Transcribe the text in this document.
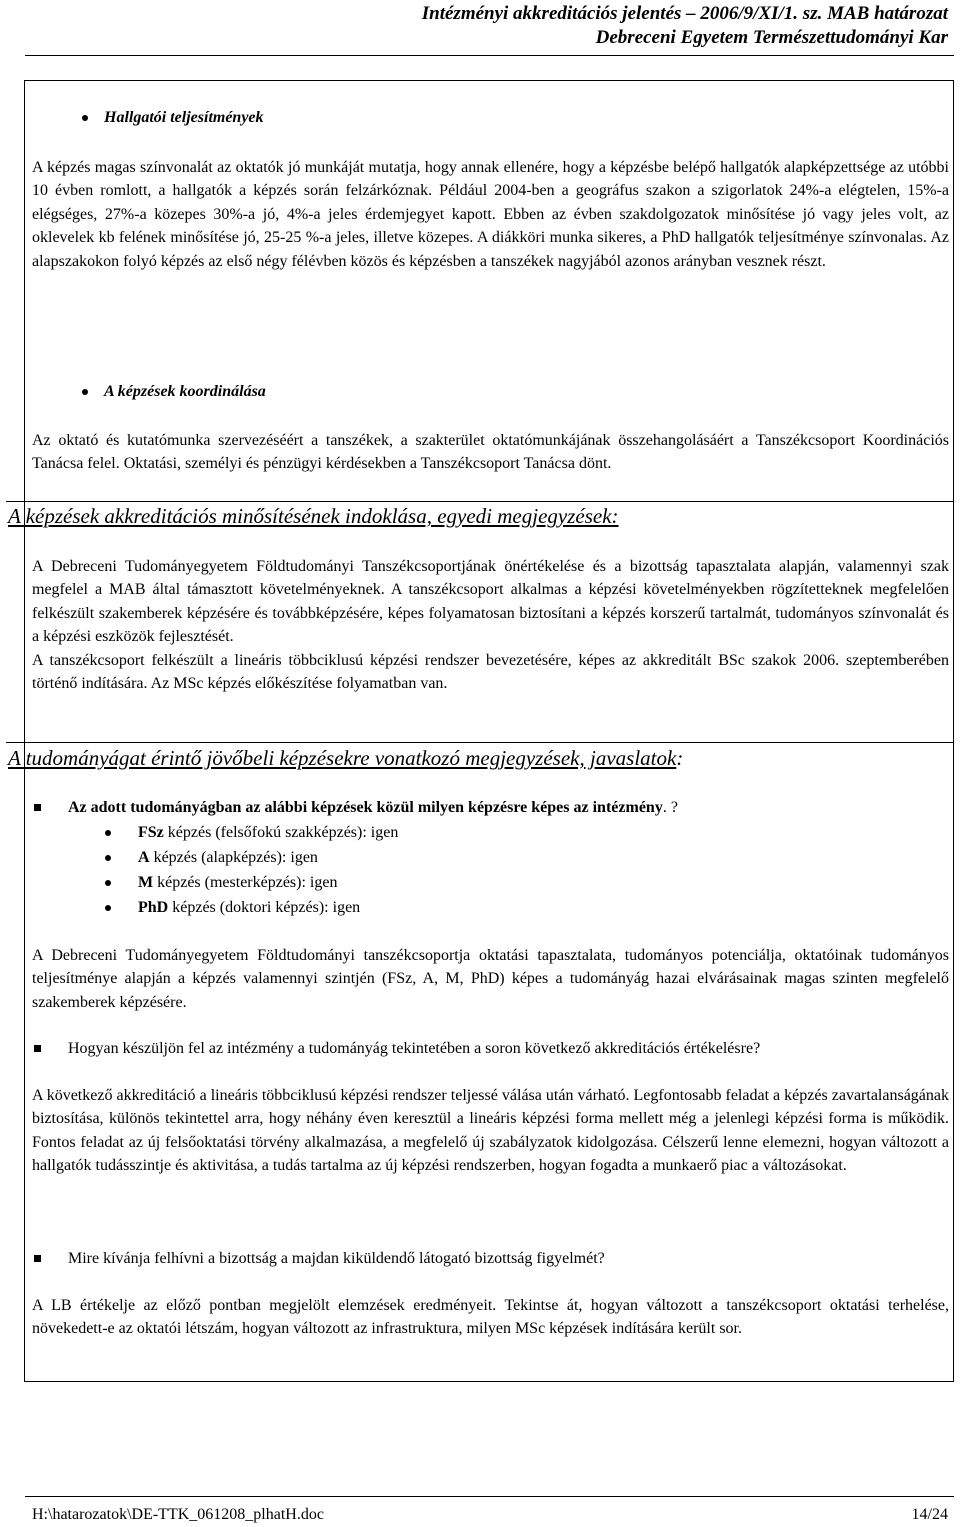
Intézményi akkreditációs jelentés – 2006/9/XI/1. sz. MAB határozat
Debreceni Egyetem Természettudományi Kar
Hallgatói teljesítmények

A képzés magas színvonalát az oktatók jó munkáját mutatja, hogy annak ellenére, hogy a képzésbe belépő hallgatók alapképzettsége az utóbbi 10 évben romlott, a hallgatók a képzés során felzárkóznak. Például 2004-ben a geográfus szakon a szigorlatok 24%-a elégtelen, 15%-a elégséges, 27%-a közepes 30%-a jó, 4%-a jeles érdemjegyet kapott. Ebben az évben szakdolgozatok minősítése jó vagy jeles volt, az oklevelek kb felének minősítése jó, 25-25 %-a jeles, illetve közepes. A diákköri munka sikeres, a PhD hallgatók teljesítménye színvonalas. Az alapszakokon folyó képzés az első négy félévben közös és képzésben a tanszékek nagyjából azonos arányban vesznek részt.

A képzések koordinálása

Az oktató és kutatómunka szervezéséért a tanszékek, a szakterület oktatómunkájának összehangolásáért a Tanszékcsoport Koordinációs Tanácsa felel. Oktatási, személyi és pénzügyi kérdésekben a Tanszékcsoport Tanácsa dönt.

A képzések akkreditációs minősítésének indoklása, egyedi megjegyzések:

A Debreceni Tudományegyetem Földtudományi Tanszékcsoportjának önértékelése és a bizottság tapasztalata alapján, valamennyi szak megfelel a MAB által támasztott követelményeknek. A tanszékcsoport alkalmas a képzési követelményekben rögzítetteknek megfelelően felkészült szakemberek képzésére és továbbképzésére, képes folyamatosan biztosítani a képzés korszerű tartalmát, tudományos színvonalát és a képzési eszközök fejlesztését.

A tanszékcsoport felkészült a lineáris többciklusú képzési rendszer bevezetésére, képes az akkreditált BSc szakok 2006. szeptemberében történő indítására. Az MSc képzés előkészítése folyamatban van.

A tudományágat érintő jövőbeli képzésekre vonatkozó megjegyzések, javaslatok:
Az adott tudományágban az alábbi képzések közül milyen képzésre képes az intézmény. ?
FSz képzés (felsőfokú szakképzés): igen
A képzés (alapképzés): igen
M képzés (mesterképzés): igen
PhD képzés (doktori képzés): igen

A Debreceni Tudományegyetem Földtudományi tanszékcsoportja oktatási tapasztalata, tudományos potenciálja, oktatóinak tudományos teljesítménye alapján a képzés valamennyi szintjén (FSz, A, M, PhD) képes a tudományág hazai elvárásainak magas szinten megfelelő szakemberek képzésére.

Hogyan készüljön fel az intézmény a tudományág tekintetében a soron következő akkreditációs értékelésre?

A következő akkreditáció a lineáris többciklusú képzési rendszer teljessé válása után várható. Legfontosabb feladat a képzés zavartalanságának biztosítása, különös tekintettel arra, hogy néhány éven keresztül a lineáris képzési forma mellett még a jelenlegi képzési forma is működik. Fontos feladat az új felsőoktatási törvény alkalmazása, a megfelelő új szabályzatok kidolgozása. Célszerű lenne elemezni, hogyan változott a hallgatók tudásszintje és aktivitása, a tudás tartalma az új képzési rendszerben, hogyan fogadta a munkaerő piac a változásokat.

Mire kívánja felhívni a bizottság a majdan kiküldendő látogató bizottság figyelmét?

A LB értékelje az előző pontban megjelölt elemzések eredményeit. Tekintse át, hogyan változott a tanszékcsoport oktatási terhelése, növekedett-e az oktatói létszám, hogyan változott az infrastruktura, milyen MSc képzések indítására került sor.

H:\hatarozatok\DE-TTK_061208_plhatH.doc	14/24
